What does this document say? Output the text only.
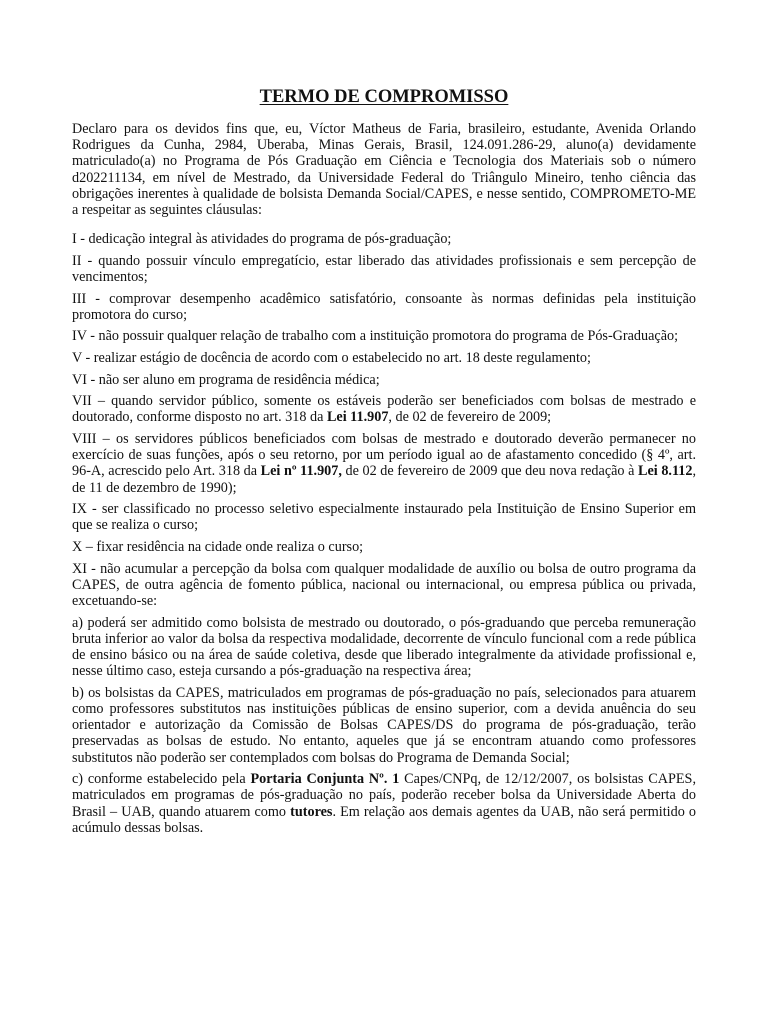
TERMO DE COMPROMISSO

Declaro para os devidos fins que, eu, Víctor Matheus de Faria, brasileiro, estudante, Avenida Orlando Rodrigues da Cunha, 2984, Uberaba, Minas Gerais, Brasil, 124.091.286-29, aluno(a) devidamente matriculado(a) no Programa de Pós Graduação em Ciência e Tecnologia dos Materiais sob o número d202211134, em nível de Mestrado, da Universidade Federal do Triângulo Mineiro, tenho ciência das obrigações inerentes à qualidade de bolsista Demanda Social/CAPES, e nesse sentido, COMPROMETO-ME a respeitar as seguintes cláusulas:

I - dedicação integral às atividades do programa de pós-graduação;

II - quando possuir vínculo empregatício, estar liberado das atividades profissionais e sem percepção de vencimentos;

III - comprovar desempenho acadêmico satisfatório, consoante às normas definidas pela instituição promotora do curso;

IV - não possuir qualquer relação de trabalho com a instituição promotora do programa de Pós-Graduação;

V - realizar estágio de docência de acordo com o estabelecido no art. 18 deste regulamento;

VI - não ser aluno em programa de residência médica;

VII – quando servidor público, somente os estáveis poderão ser beneficiados com bolsas de mestrado e doutorado, conforme disposto no art. 318 da Lei 11.907, de 02 de fevereiro de 2009;

VIII – os servidores públicos beneficiados com bolsas de mestrado e doutorado deverão permanecer no exercício de suas funções, após o seu retorno, por um período igual ao de afastamento concedido (§ 4º, art. 96-A, acrescido pelo Art. 318 da Lei nº 11.907, de 02 de fevereiro de 2009 que deu nova redação à Lei 8.112, de 11 de dezembro de 1990);

IX - ser classificado no processo seletivo especialmente instaurado pela Instituição de Ensino Superior em que se realiza o curso;

X – fixar residência na cidade onde realiza o curso;

XI - não acumular a percepção da bolsa com qualquer modalidade de auxílio ou bolsa de outro programa da CAPES, de outra agência de fomento pública, nacional ou internacional, ou empresa pública ou privada, excetuando-se:

a) poderá ser admitido como bolsista de mestrado ou doutorado, o pós-graduando que perceba remuneração bruta inferior ao valor da bolsa da respectiva modalidade, decorrente de vínculo funcional com a rede pública de ensino básico ou na área de saúde coletiva, desde que liberado integralmente da atividade profissional e, nesse último caso, esteja cursando a pós-graduação na respectiva área;

b) os bolsistas da CAPES, matriculados em programas de pós-graduação no país, selecionados para atuarem como professores substitutos nas instituições públicas de ensino superior, com a devida anuência do seu orientador e autorização da Comissão de Bolsas CAPES/DS do programa de pós-graduação, terão preservadas as bolsas de estudo. No entanto, aqueles que já se encontram atuando como professores substitutos não poderão ser contemplados com bolsas do Programa de Demanda Social;

c) conforme estabelecido pela Portaria Conjunta Nº. 1 Capes/CNPq, de 12/12/2007, os bolsistas CAPES, matriculados em programas de pós-graduação no país, poderão receber bolsa da Universidade Aberta do Brasil – UAB, quando atuarem como tutores. Em relação aos demais agentes da UAB, não será permitido o acúmulo dessas bolsas.
